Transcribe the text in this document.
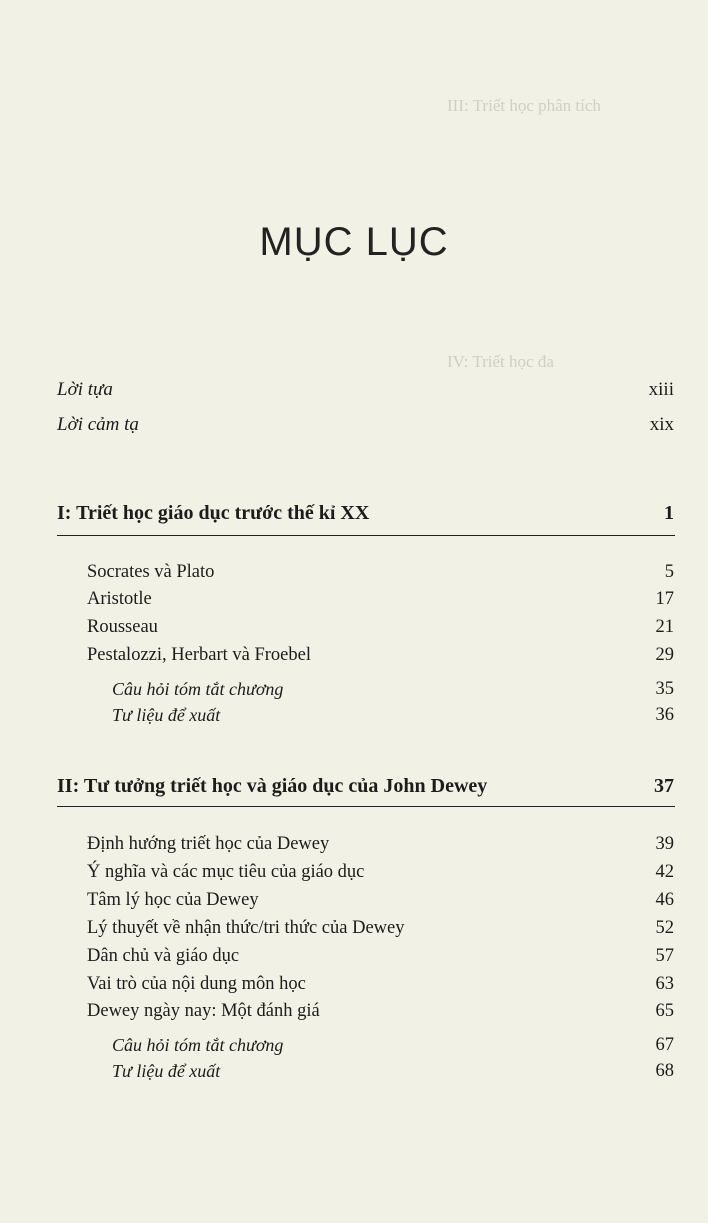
III: Triết học phân tích
IV: Triết học đa
MỤC LỤC
Lời tựa	xiii
Lời cảm tạ	xix
I: Triết học giáo dục trước thế kỉ XX	1
Socrates và Plato	5
Aristotle	17
Rousseau	21
Pestalozzi, Herbart và Froebel	29
Câu hỏi tóm tắt chương	35
Tư liệu để xuất	36
II: Tư tưởng triết học và giáo dục của John Dewey	37
Định hướng triết học của Dewey	39
Ý nghĩa và các mục tiêu của giáo dục	42
Tâm lý học của Dewey	46
Lý thuyết về nhận thức/tri thức của Dewey	52
Dân chủ và giáo dục	57
Vai trò của nội dung môn học	63
Dewey ngày nay: Một đánh giá	65
Câu hỏi tóm tắt chương	67
Tư liệu để xuất	68
